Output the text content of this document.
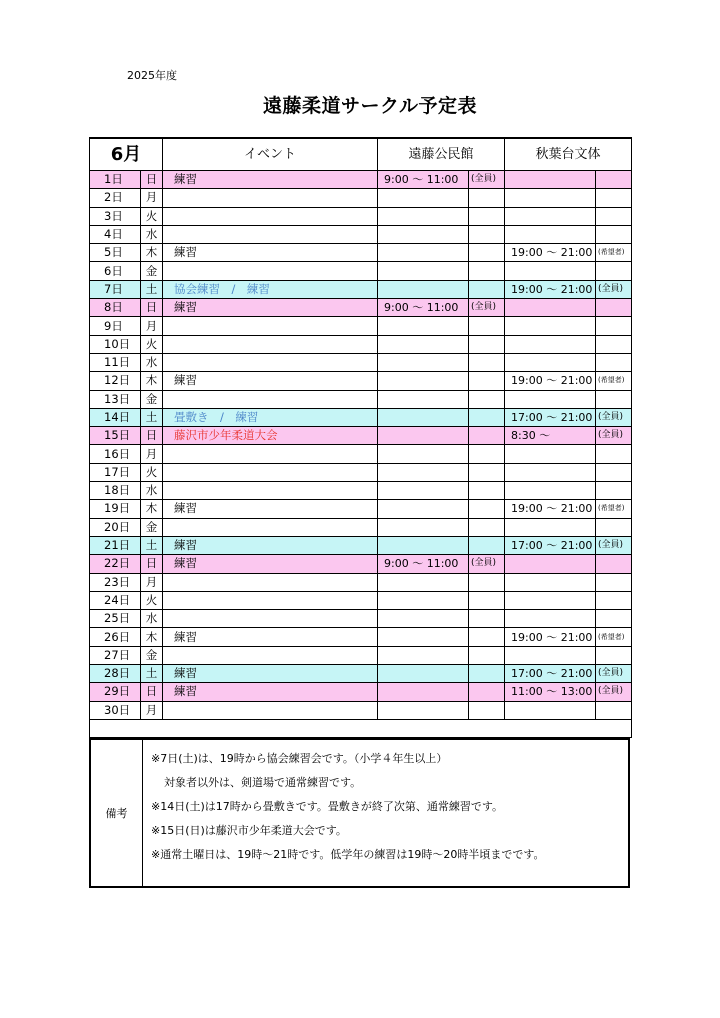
2025年度
遠藤柔道サークル予定表
6月		イベント	遠藤公民館		秋葉台文体	
1日	日	練習	9:00 ～ 11:00	(全員)		
2日	月					
3日	火					
4日	水					
5日	木	練習			19:00 ～ 21:00	(希望者)
6日	金					
7日	土	協会練習　/　練習			19:00 ～ 21:00	(全員)
8日	日	練習	9:00 ～ 11:00	(全員)		
9日	月					
10日	火					
11日	水					
12日	木	練習			19:00 ～ 21:00	(希望者)
13日	金					
14日	土	畳敷き　/　練習			17:00 ～ 21:00	(全員)
15日	日	藤沢市少年柔道大会			8:30 ～	(全員)
16日	月					
17日	火					
18日	水					
19日	木	練習			19:00 ～ 21:00	(希望者)
20日	金					
21日	土	練習			17:00 ～ 21:00	(全員)
22日	日	練習	9:00 ～ 11:00	(全員)		
23日	月					
24日	火					
25日	水					
26日	木	練習			19:00 ～ 21:00	(希望者)
27日	金					
28日	土	練習			17:00 ～ 21:00	(全員)
29日	日	練習			11:00 ～ 13:00	(全員)
30日	月					

備考
※7日(土)は、19時から協会練習会です。（小学４年生以上）
対象者以外は、剣道場で通常練習です。
※14日(土)は17時から畳敷きです。畳敷きが終了次第、通常練習です。
※15日(日)は藤沢市少年柔道大会です。
※通常土曜日は、19時～21時です。低学年の練習は19時～20時半頃までです。
